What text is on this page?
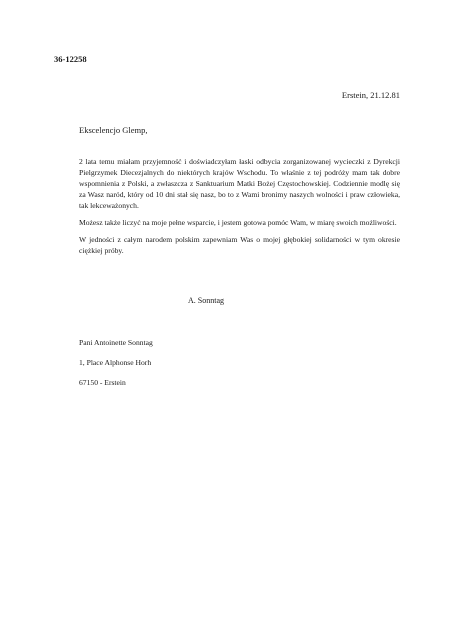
36-12258
Erstein, 21.12.81
Ekscelencjo Glemp,

2 lata temu miałam przyjemność i doświadczyłam łaski odbycia zorganizowanej wycieczki z Dyrekcji Pielgrzymek Diecezjalnych do niektórych krajów Wschodu. To właśnie z tej podróży mam tak dobre wspomnienia z Polski, a zwłaszcza z Sanktuarium Matki Bożej Częstochowskiej. Codziennie modlę się za Wasz naród, który od 10 dni stał się nasz, bo to z Wami bronimy naszych wolności i praw człowieka, tak lekceważonych.

Możesz także liczyć na moje pełne wsparcie, i jestem gotowa pomóc Wam, w miarę swoich możliwości.

W jedności z całym narodem polskim zapewniam Was o mojej głębokiej solidarności w tym okresie ciężkiej próby.

A. Sonntag
Pani Antoinette Sonntag
1, Place Alphonse Horh
67150 - Erstein
